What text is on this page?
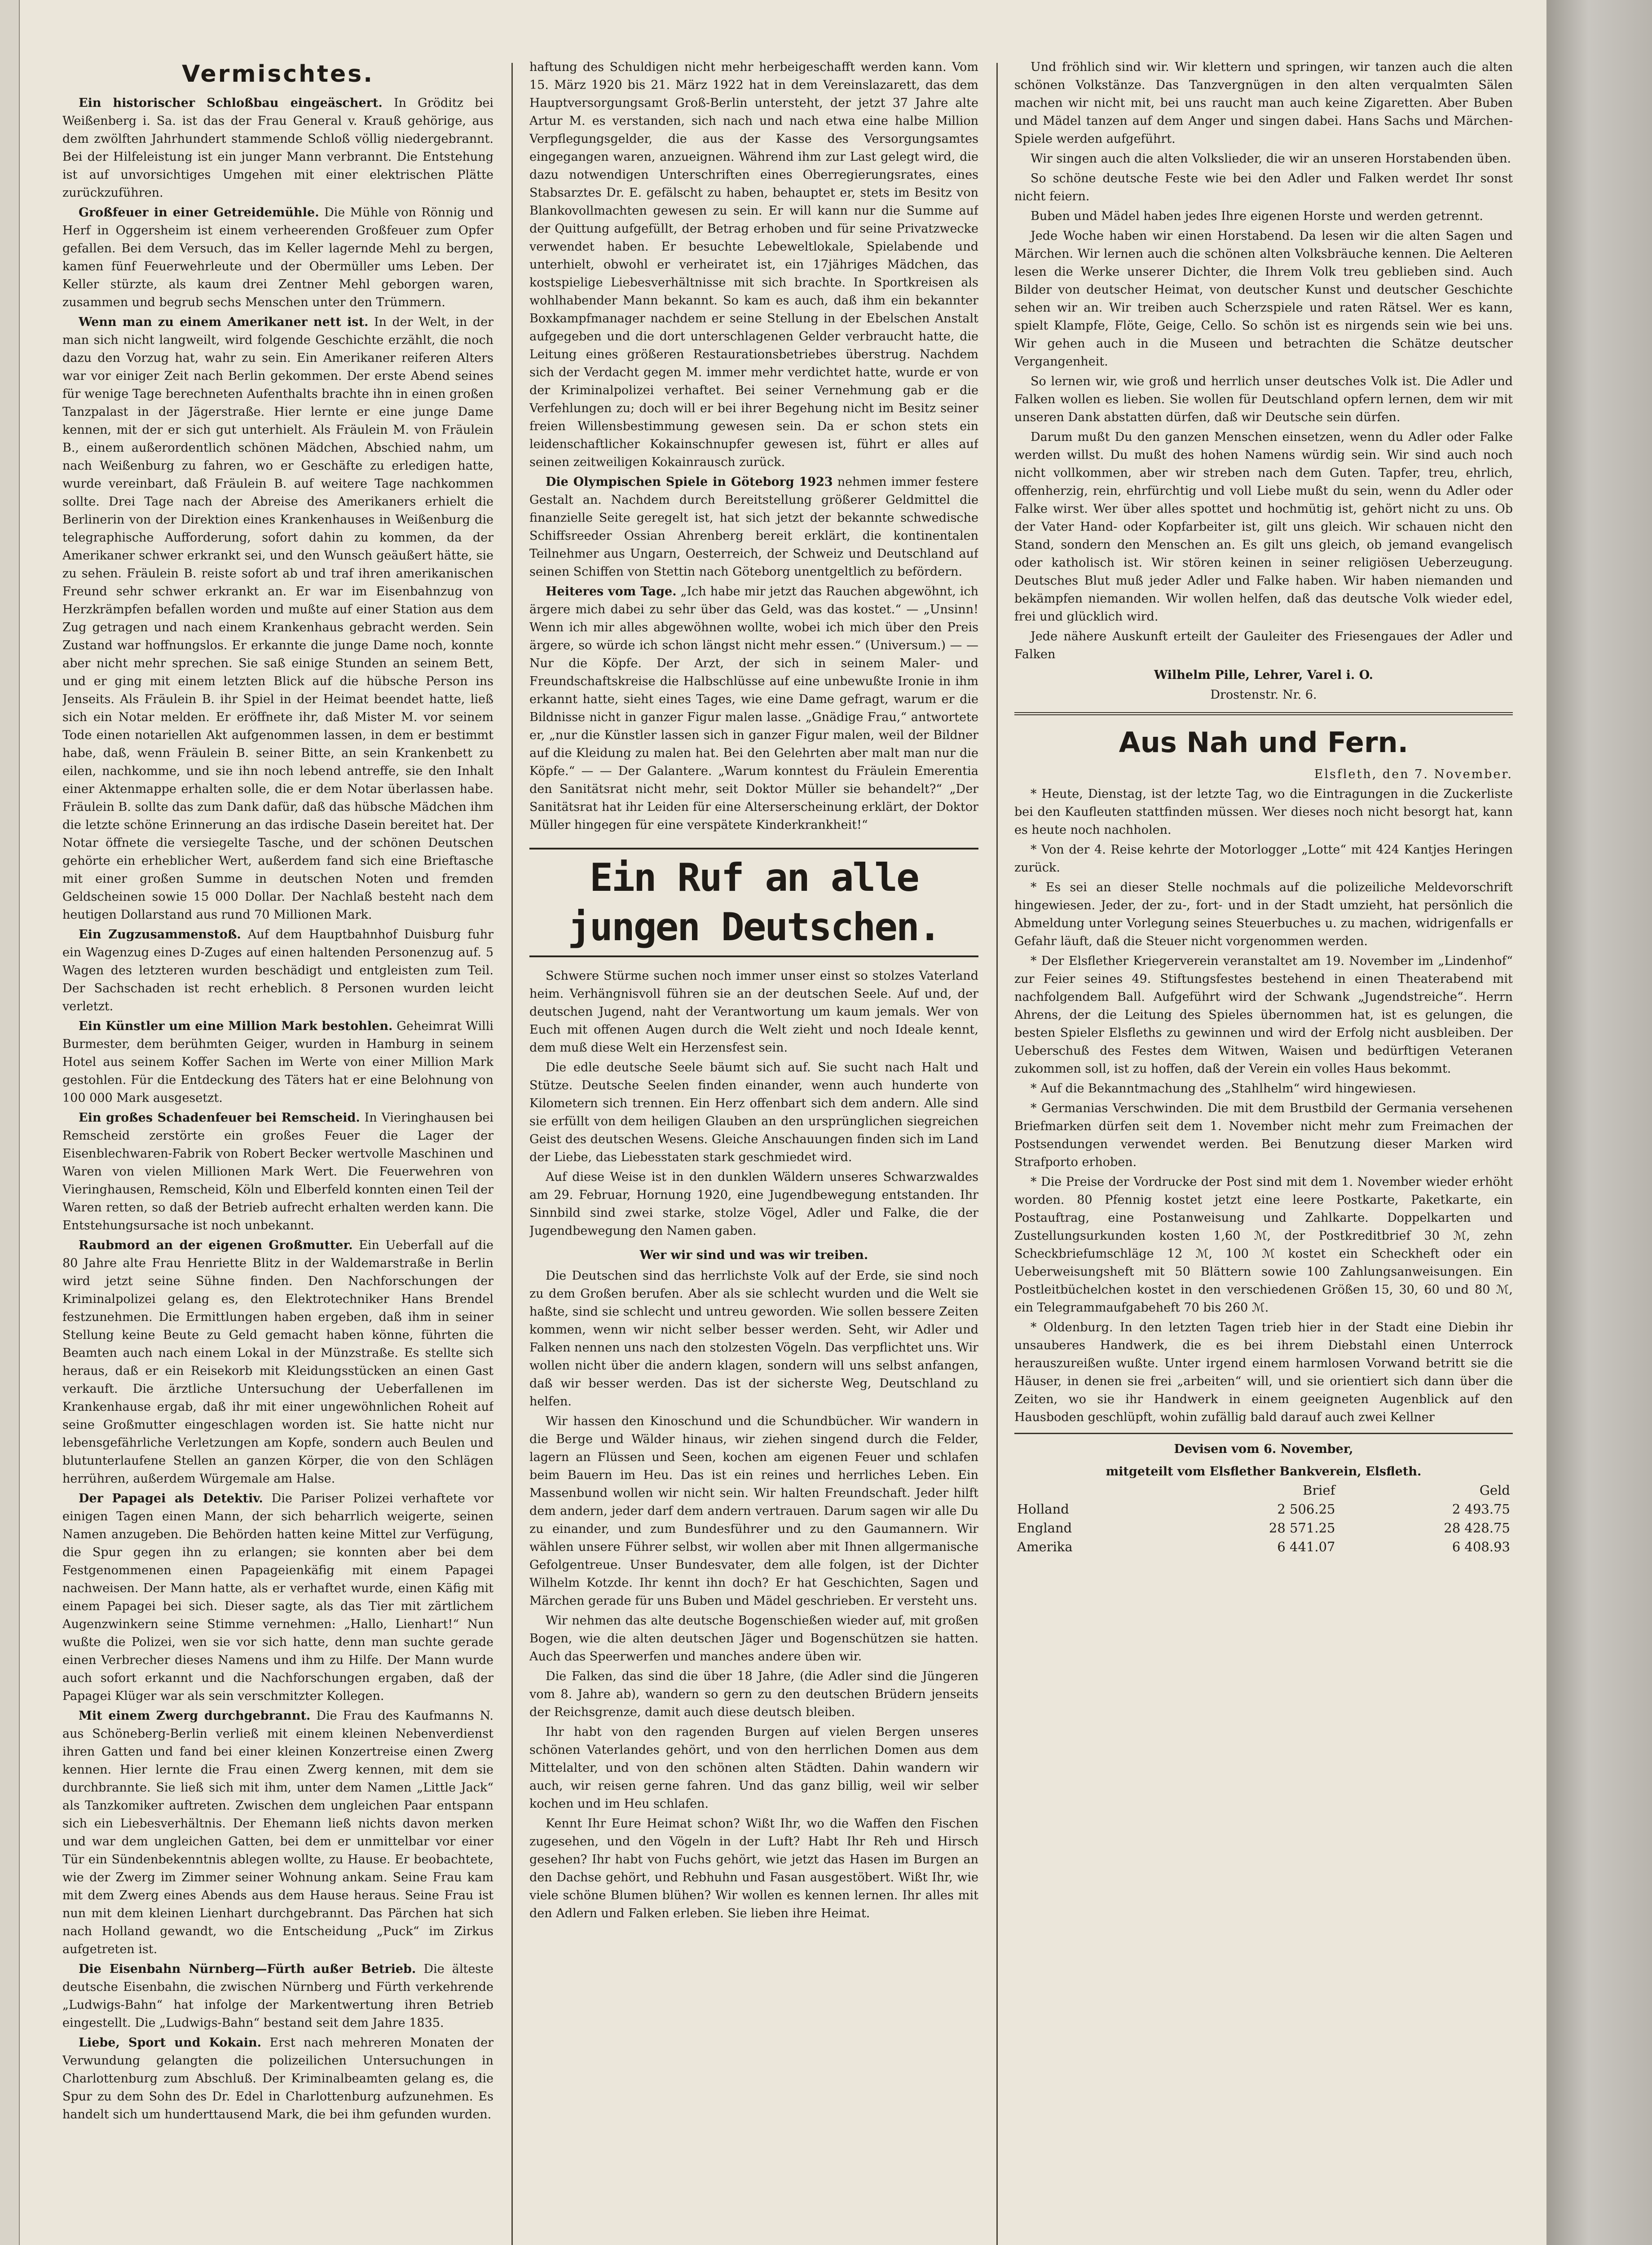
Vermischtes.

Ein historischer Schloßbau eingeäschert. In Gröditz bei Weißenberg i. Sa. ist das der Frau General v. Krauß gehörige, aus dem zwölften Jahrhundert stammende Schloß völlig niedergebrannt. Bei der Hilfeleistung ist ein junger Mann verbrannt. Die Entstehung ist auf unvorsichtiges Umgehen mit einer elektrischen Plätte zurückzuführen.

Großfeuer in einer Getreidemühle. Die Mühle von Rönnig und Herf in Oggersheim ist einem verheerenden Großfeuer zum Opfer gefallen. Bei dem Versuch, das im Keller lagernde Mehl zu bergen, kamen fünf Feuerwehrleute und der Obermüller ums Leben. Der Keller stürzte, als kaum drei Zentner Mehl geborgen waren, zusammen und begrub sechs Menschen unter den Trümmern.

Wenn man zu einem Amerikaner nett ist. In der Welt, in der man sich nicht langweilt, wird folgende Geschichte erzählt, die noch dazu den Vorzug hat, wahr zu sein. Ein Amerikaner reiferen Alters war vor einiger Zeit nach Berlin gekommen. Der erste Abend seines für wenige Tage berechneten Aufenthalts brachte ihn in einen großen Tanzpalast in der Jägerstraße. Hier lernte er eine junge Dame kennen, mit der er sich gut unterhielt. Als Fräulein M. von Fräulein B., einem außerordentlich schönen Mädchen, Abschied nahm, um nach Weißenburg zu fahren, wo er Geschäfte zu erledigen hatte, wurde vereinbart, daß Fräulein B. auf weitere Tage nachkommen sollte. Drei Tage nach der Abreise des Amerikaners erhielt die Berlinerin von der Direktion eines Krankenhauses in Weißenburg die telegraphische Aufforderung, sofort dahin zu kommen, da der Amerikaner schwer erkrankt sei, und den Wunsch geäußert hätte, sie zu sehen. Fräulein B. reiste sofort ab und traf ihren amerikanischen Freund sehr schwer erkrankt an. Er war im Eisenbahnzug von Herzkrämpfen befallen worden und mußte auf einer Station aus dem Zug getragen und nach einem Krankenhaus gebracht werden. Sein Zustand war hoffnungslos. Er erkannte die junge Dame noch, konnte aber nicht mehr sprechen. Sie saß einige Stunden an seinem Bett, und er ging mit einem letzten Blick auf die hübsche Person ins Jenseits. Als Fräulein B. ihr Spiel in der Heimat beendet hatte, ließ sich ein Notar melden. Er eröffnete ihr, daß Mister M. vor seinem Tode einen notariellen Akt aufgenommen lassen, in dem er bestimmt habe, daß, wenn Fräulein B. seiner Bitte, an sein Krankenbett zu eilen, nachkomme, und sie ihn noch lebend antreffe, sie den Inhalt einer Aktenmappe erhalten solle, die er dem Notar überlassen habe. Fräulein B. sollte das zum Dank dafür, daß das hübsche Mädchen ihm die letzte schöne Erinnerung an das irdische Dasein bereitet hat. Der Notar öffnete die versiegelte Tasche, und der schönen Deutschen gehörte ein erheblicher Wert, außerdem fand sich eine Brieftasche mit einer großen Summe in deutschen Noten und fremden Geldscheinen sowie 15 000 Dollar. Der Nachlaß besteht nach dem heutigen Dollarstand aus rund 70 Millionen Mark.

Ein Zugzusammenstoß. Auf dem Hauptbahnhof Duisburg fuhr ein Wagenzug eines D-Zuges auf einen haltenden Personenzug auf. 5 Wagen des letzteren wurden beschädigt und entgleisten zum Teil. Der Sachschaden ist recht erheblich. 8 Personen wurden leicht verletzt.

Ein Künstler um eine Million Mark bestohlen. Geheimrat Willi Burmester, dem berühmten Geiger, wurden in Hamburg in seinem Hotel aus seinem Koffer Sachen im Werte von einer Million Mark gestohlen. Für die Entdeckung des Täters hat er eine Belohnung von 100 000 Mark ausgesetzt.

Ein großes Schadenfeuer bei Remscheid. In Vieringhausen bei Remscheid zerstörte ein großes Feuer die Lager der Eisenblechwaren-Fabrik von Robert Becker wertvolle Maschinen und Waren von vielen Millionen Mark Wert. Die Feuerwehren von Vieringhausen, Remscheid, Köln und Elberfeld konnten einen Teil der Waren retten, so daß der Betrieb aufrecht erhalten werden kann. Die Entstehungsursache ist noch unbekannt.

Raubmord an der eigenen Großmutter. Ein Ueberfall auf die 80 Jahre alte Frau Henriette Blitz in der Waldemarstraße in Berlin wird jetzt seine Sühne finden. Den Nachforschungen der Kriminalpolizei gelang es, den Elektrotechniker Hans Brendel festzunehmen. Die Ermittlungen haben ergeben, daß ihm in seiner Stellung keine Beute zu Geld gemacht haben könne, führten die Beamten auch nach einem Lokal in der Münzstraße. Es stellte sich heraus, daß er ein Reisekorb mit Kleidungsstücken an einen Gast verkauft. Die ärztliche Untersuchung der Ueberfallenen im Krankenhause ergab, daß ihr mit einer ungewöhnlichen Roheit auf seine Großmutter eingeschlagen worden ist. Sie hatte nicht nur lebensgefährliche Verletzungen am Kopfe, sondern auch Beulen und blutunterlaufene Stellen an ganzen Körper, die von den Schlägen herrühren, außerdem Würgemale am Halse.

Der Papagei als Detektiv. Die Pariser Polizei verhaftete vor einigen Tagen einen Mann, der sich beharrlich weigerte, seinen Namen anzugeben. Die Behörden hatten keine Mittel zur Verfügung, die Spur gegen ihn zu erlangen; sie konnten aber bei dem Festgenommenen einen Papageienkäfig mit einem Papagei nachweisen. Der Mann hatte, als er verhaftet wurde, einen Käfig mit einem Papagei bei sich. Dieser sagte, als das Tier mit zärtlichem Augenzwinkern seine Stimme vernehmen: „Hallo, Lienhart!“ Nun wußte die Polizei, wen sie vor sich hatte, denn man suchte gerade einen Verbrecher dieses Namens und ihm zu Hilfe. Der Mann wurde auch sofort erkannt und die Nachforschungen ergaben, daß der Papagei Klüger war als sein verschmitzter Kollegen.

Mit einem Zwerg durchgebrannt. Die Frau des Kaufmanns N. aus Schöneberg-Berlin verließ mit einem kleinen Nebenverdienst ihren Gatten und fand bei einer kleinen Konzertreise einen Zwerg kennen. Hier lernte die Frau einen Zwerg kennen, mit dem sie durchbrannte. Sie ließ sich mit ihm, unter dem Namen „Little Jack“ als Tanzkomiker auftreten. Zwischen dem ungleichen Paar entspann sich ein Liebesverhältnis. Der Ehemann ließ nichts davon merken und war dem ungleichen Gatten, bei dem er unmittelbar vor einer Tür ein Sündenbekenntnis ablegen wollte, zu Hause. Er beobachtete, wie der Zwerg im Zimmer seiner Wohnung ankam. Seine Frau kam mit dem Zwerg eines Abends aus dem Hause heraus. Seine Frau ist nun mit dem kleinen Lienhart durchgebrannt. Das Pärchen hat sich nach Holland gewandt, wo die Entscheidung „Puck“ im Zirkus aufgetreten ist.

Die Eisenbahn Nürnberg—Fürth außer Betrieb. Die älteste deutsche Eisenbahn, die zwischen Nürnberg und Fürth verkehrende „Ludwigs-Bahn“ hat infolge der Markentwertung ihren Betrieb eingestellt. Die „Ludwigs-Bahn“ bestand seit dem Jahre 1835.

Liebe, Sport und Kokain. Erst nach mehreren Monaten der Verwundung gelangten die polizeilichen Untersuchungen in Charlottenburg zum Abschluß. Der Kriminalbeamten gelang es, die Spur zu dem Sohn des Dr. Edel in Charlottenburg aufzunehmen. Es handelt sich um hunderttausend Mark, die bei ihm gefunden wurden.

haftung des Schuldigen nicht mehr herbeigeschafft werden kann. Vom 15. März 1920 bis 21. März 1922 hat in dem Vereinslazarett, das dem Hauptversorgungsamt Groß-Berlin untersteht, der jetzt 37 Jahre alte Artur M. es verstanden, sich nach und nach etwa eine halbe Million Verpflegungsgelder, die aus der Kasse des Versorgungsamtes eingegangen waren, anzueignen. Während ihm zur Last gelegt wird, die dazu notwendigen Unterschriften eines Oberregierungsrates, eines Stabsarztes Dr. E. gefälscht zu haben, behauptet er, stets im Besitz von Blankovollmachten gewesen zu sein. Er will kann nur die Summe auf der Quittung aufgefüllt, der Betrag erhoben und für seine Privatzwecke verwendet haben. Er besuchte Lebeweltlokale, Spielabende und unterhielt, obwohl er verheiratet ist, ein 17jähriges Mädchen, das kostspielige Liebesverhältnisse mit sich brachte. In Sportkreisen als wohlhabender Mann bekannt. So kam es auch, daß ihm ein bekannter Boxkampfmanager nachdem er seine Stellung in der Ebelschen Anstalt aufgegeben und die dort unterschlagenen Gelder verbraucht hatte, die Leitung eines größeren Restaurationsbetriebes überstrug. Nachdem sich der Verdacht gegen M. immer mehr verdichtet hatte, wurde er von der Kriminalpolizei verhaftet. Bei seiner Vernehmung gab er die Verfehlungen zu; doch will er bei ihrer Begehung nicht im Besitz seiner freien Willensbestimmung gewesen sein. Da er schon stets ein leidenschaftlicher Kokainschnupfer gewesen ist, führt er alles auf seinen zeitweiligen Kokainrausch zurück.

Die Olympischen Spiele in Göteborg 1923 nehmen immer festere Gestalt an. Nachdem durch Bereitstellung größerer Geldmittel die finanzielle Seite geregelt ist, hat sich jetzt der bekannte schwedische Schiffsreeder Ossian Ahrenberg bereit erklärt, die kontinentalen Teilnehmer aus Ungarn, Oesterreich, der Schweiz und Deutschland auf seinen Schiffen von Stettin nach Göteborg unentgeltlich zu befördern.

Heiteres vom Tage. „Ich habe mir jetzt das Rauchen abgewöhnt, ich ärgere mich dabei zu sehr über das Geld, was das kostet.“ — „Unsinn! Wenn ich mir alles abgewöhnen wollte, wobei ich mich über den Preis ärgere, so würde ich schon längst nicht mehr essen.“ (Universum.) — — Nur die Köpfe. Der Arzt, der sich in seinem Maler- und Freundschaftskreise die Halbschlüsse auf eine unbewußte Ironie in ihm erkannt hatte, sieht eines Tages, wie eine Dame gefragt, warum er die Bildnisse nicht in ganzer Figur malen lasse. „Gnädige Frau,“ antwortete er, „nur die Künstler lassen sich in ganzer Figur malen, weil der Bildner auf die Kleidung zu malen hat. Bei den Gelehrten aber malt man nur die Köpfe.“ — — Der Galantere. „Warum konntest du Fräulein Emerentia den Sanitätsrat nicht mehr, seit Doktor Müller sie behandelt?“ „Der Sanitätsrat hat ihr Leiden für eine Alterserscheinung erklärt, der Doktor Müller hingegen für eine verspätete Kinderkrankheit!“

Ein Ruf an alle jungen Deutschen.

Schwere Stürme suchen noch immer unser einst so stolzes Vaterland heim. Verhängnisvoll führen sie an der deutschen Seele. Auf und, der deutschen Jugend, naht der Verantwortung um kaum jemals. Wer von Euch mit offenen Augen durch die Welt zieht und noch Ideale kennt, dem muß diese Welt ein Herzensfest sein.

Die edle deutsche Seele bäumt sich auf. Sie sucht nach Halt und Stütze. Deutsche Seelen finden einander, wenn auch hunderte von Kilometern sich trennen. Ein Herz offenbart sich dem andern. Alle sind sie erfüllt von dem heiligen Glauben an den ursprünglichen siegreichen Geist des deutschen Wesens. Gleiche Anschauungen finden sich im Land der Liebe, das Liebesstaten stark geschmiedet wird.

Auf diese Weise ist in den dunklen Wäldern unseres Schwarzwaldes am 29. Februar, Hornung 1920, eine Jugendbewegung entstanden. Ihr Sinnbild sind zwei starke, stolze Vögel, Adler und Falke, die der Jugendbewegung den Namen gaben.

Wer wir sind und was wir treiben.

Die Deutschen sind das herrlichste Volk auf der Erde, sie sind noch zu dem Großen berufen. Aber als sie schlecht wurden und die Welt sie haßte, sind sie schlecht und untreu geworden. Wie sollen bessere Zeiten kommen, wenn wir nicht selber besser werden. Seht, wir Adler und Falken nennen uns nach den stolzesten Vögeln. Das verpflichtet uns. Wir wollen nicht über die andern klagen, sondern will uns selbst anfangen, daß wir besser werden. Das ist der sicherste Weg, Deutschland zu helfen.

Wir hassen den Kinoschund und die Schundbücher. Wir wandern in die Berge und Wälder hinaus, wir ziehen singend durch die Felder, lagern an Flüssen und Seen, kochen am eigenen Feuer und schlafen beim Bauern im Heu. Das ist ein reines und herrliches Leben. Ein Massenbund wollen wir nicht sein. Wir halten Freundschaft. Jeder hilft dem andern, jeder darf dem andern vertrauen. Darum sagen wir alle Du zu einander, und zum Bundesführer und zu den Gaumannern. Wir wählen unsere Führer selbst, wir wollen aber mit Ihnen allgermanische Gefolgentreue. Unser Bundesvater, dem alle folgen, ist der Dichter Wilhelm Kotzde. Ihr kennt ihn doch? Er hat Geschichten, Sagen und Märchen gerade für uns Buben und Mädel geschrieben. Er versteht uns.

Wir nehmen das alte deutsche Bogenschießen wieder auf, mit großen Bogen, wie die alten deutschen Jäger und Bogenschützen sie hatten. Auch das Speerwerfen und manches andere üben wir.

Die Falken, das sind die über 18 Jahre, (die Adler sind die Jüngeren vom 8. Jahre ab), wandern so gern zu den deutschen Brüdern jenseits der Reichsgrenze, damit auch diese deutsch bleiben.

Ihr habt von den ragenden Burgen auf vielen Bergen unseres schönen Vaterlandes gehört, und von den herrlichen Domen aus dem Mittelalter, und von den schönen alten Städten. Dahin wandern wir auch, wir reisen gerne fahren. Und das ganz billig, weil wir selber kochen und im Heu schlafen.

Kennt Ihr Eure Heimat schon? Wißt Ihr, wo die Waffen den Fischen zugesehen, und den Vögeln in der Luft? Habt Ihr Reh und Hirsch gesehen? Ihr habt von Fuchs gehört, wie jetzt das Hasen im Burgen an den Dachse gehört, und Rebhuhn und Fasan ausgestöbert. Wißt Ihr, wie viele schöne Blumen blühen? Wir wollen es kennen lernen. Ihr alles mit den Adlern und Falken erleben. Sie lieben ihre Heimat.

Und fröhlich sind wir. Wir klettern und springen, wir tanzen auch die alten schönen Volkstänze. Das Tanzvergnügen in den alten verqualmten Sälen machen wir nicht mit, bei uns raucht man auch keine Zigaretten. Aber Buben und Mädel tanzen auf dem Anger und singen dabei. Hans Sachs und Märchen-Spiele werden aufgeführt.

Wir singen auch die alten Volkslieder, die wir an unseren Horstabenden üben.

So schöne deutsche Feste wie bei den Adler und Falken werdet Ihr sonst nicht feiern.

Buben und Mädel haben jedes Ihre eigenen Horste und werden getrennt.

Jede Woche haben wir einen Horstabend. Da lesen wir die alten Sagen und Märchen. Wir lernen auch die schönen alten Volksbräuche kennen. Die Aelteren lesen die Werke unserer Dichter, die Ihrem Volk treu geblieben sind. Auch Bilder von deutscher Heimat, von deutscher Kunst und deutscher Geschichte sehen wir an. Wir treiben auch Scherzspiele und raten Rätsel. Wer es kann, spielt Klampfe, Flöte, Geige, Cello. So schön ist es nirgends sein wie bei uns. Wir gehen auch in die Museen und betrachten die Schätze deutscher Vergangenheit.

So lernen wir, wie groß und herrlich unser deutsches Volk ist. Die Adler und Falken wollen es lieben. Sie wollen für Deutschland opfern lernen, dem wir mit unseren Dank abstatten dürfen, daß wir Deutsche sein dürfen.

Darum mußt Du den ganzen Menschen einsetzen, wenn du Adler oder Falke werden willst. Du mußt des hohen Namens würdig sein. Wir sind auch noch nicht vollkommen, aber wir streben nach dem Guten. Tapfer, treu, ehrlich, offenherzig, rein, ehrfürchtig und voll Liebe mußt du sein, wenn du Adler oder Falke wirst. Wer über alles spottet und hochmütig ist, gehört nicht zu uns. Ob der Vater Hand- oder Kopfarbeiter ist, gilt uns gleich. Wir schauen nicht den Stand, sondern den Menschen an. Es gilt uns gleich, ob jemand evangelisch oder katholisch ist. Wir stören keinen in seiner religiösen Ueberzeugung. Deutsches Blut muß jeder Adler und Falke haben. Wir haben niemanden und bekämpfen niemanden. Wir wollen helfen, daß das deutsche Volk wieder edel, frei und glücklich wird.

Jede nähere Auskunft erteilt der Gauleiter des Friesengaues der Adler und Falken

Wilhelm Pille, Lehrer, Varel i. O.

Drostenstr. Nr. 6.

Aus Nah und Fern.

Elsfleth, den 7. November.

* Heute, Dienstag, ist der letzte Tag, wo die Eintragungen in die Zuckerliste bei den Kaufleuten stattfinden müssen. Wer dieses noch nicht besorgt hat, kann es heute noch nachholen.

* Von der 4. Reise kehrte der Motorlogger „Lotte“ mit 424 Kantjes Heringen zurück.

* Es sei an dieser Stelle nochmals auf die polizeiliche Meldevorschrift hingewiesen. Jeder, der zu-, fort- und in der Stadt umzieht, hat persönlich die Abmeldung unter Vorlegung seines Steuerbuches u. zu machen, widrigenfalls er Gefahr läuft, daß die Steuer nicht vorgenommen werden.

* Der Elsflether Kriegerverein veranstaltet am 19. November im „Lindenhof“ zur Feier seines 49. Stiftungsfestes bestehend in einen Theaterabend mit nachfolgendem Ball. Aufgeführt wird der Schwank „Jugendstreiche“. Herrn Ahrens, der die Leitung des Spieles übernommen hat, ist es gelungen, die besten Spieler Elsfleths zu gewinnen und wird der Erfolg nicht ausbleiben. Der Ueberschuß des Festes dem Witwen, Waisen und bedürftigen Veteranen zukommen soll, ist zu hoffen, daß der Verein ein volles Haus bekommt.

* Auf die Bekanntmachung des „Stahlhelm“ wird hingewiesen.

* Germanias Verschwinden. Die mit dem Brustbild der Germania versehenen Briefmarken dürfen seit dem 1. November nicht mehr zum Freimachen der Postsendungen verwendet werden. Bei Benutzung dieser Marken wird Strafporto erhoben.

* Die Preise der Vordrucke der Post sind mit dem 1. November wieder erhöht worden. 80 Pfennig kostet jetzt eine leere Postkarte, Paketkarte, ein Postauftrag, eine Postanweisung und Zahlkarte. Doppelkarten und Zustellungsurkunden kosten 1,60 ℳ, der Postkreditbrief 30 ℳ, zehn Scheckbriefumschläge 12 ℳ, 100 ℳ kostet ein Scheckheft oder ein Ueberweisungsheft mit 50 Blättern sowie 100 Zahlungsanweisungen. Ein Postleitbüchelchen kostet in den verschiedenen Größen 15, 30, 60 und 80 ℳ, ein Telegrammaufgabeheft 70 bis 260 ℳ.

* Oldenburg. In den letzten Tagen trieb hier in der Stadt eine Diebin ihr unsauberes Handwerk, die es bei ihrem Diebstahl einen Unterrock herauszureißen wußte. Unter irgend einem harmlosen Vorwand betritt sie die Häuser, in denen sie frei „arbeiten“ will, und sie orientiert sich dann über die Zeiten, wo sie ihr Handwerk in einem geeigneten Augenblick auf den Hausboden geschlüpft, wohin zufällig bald darauf auch zwei Kellner

Devisen vom 6. November,

mitgeteilt vom Elsflether Bankverein, Elsfleth.

	Brief	Geld
Holland	2 506.25	2 493.75
England	28 571.25	28 428.75
Amerika	6 441.07	6 408.93
